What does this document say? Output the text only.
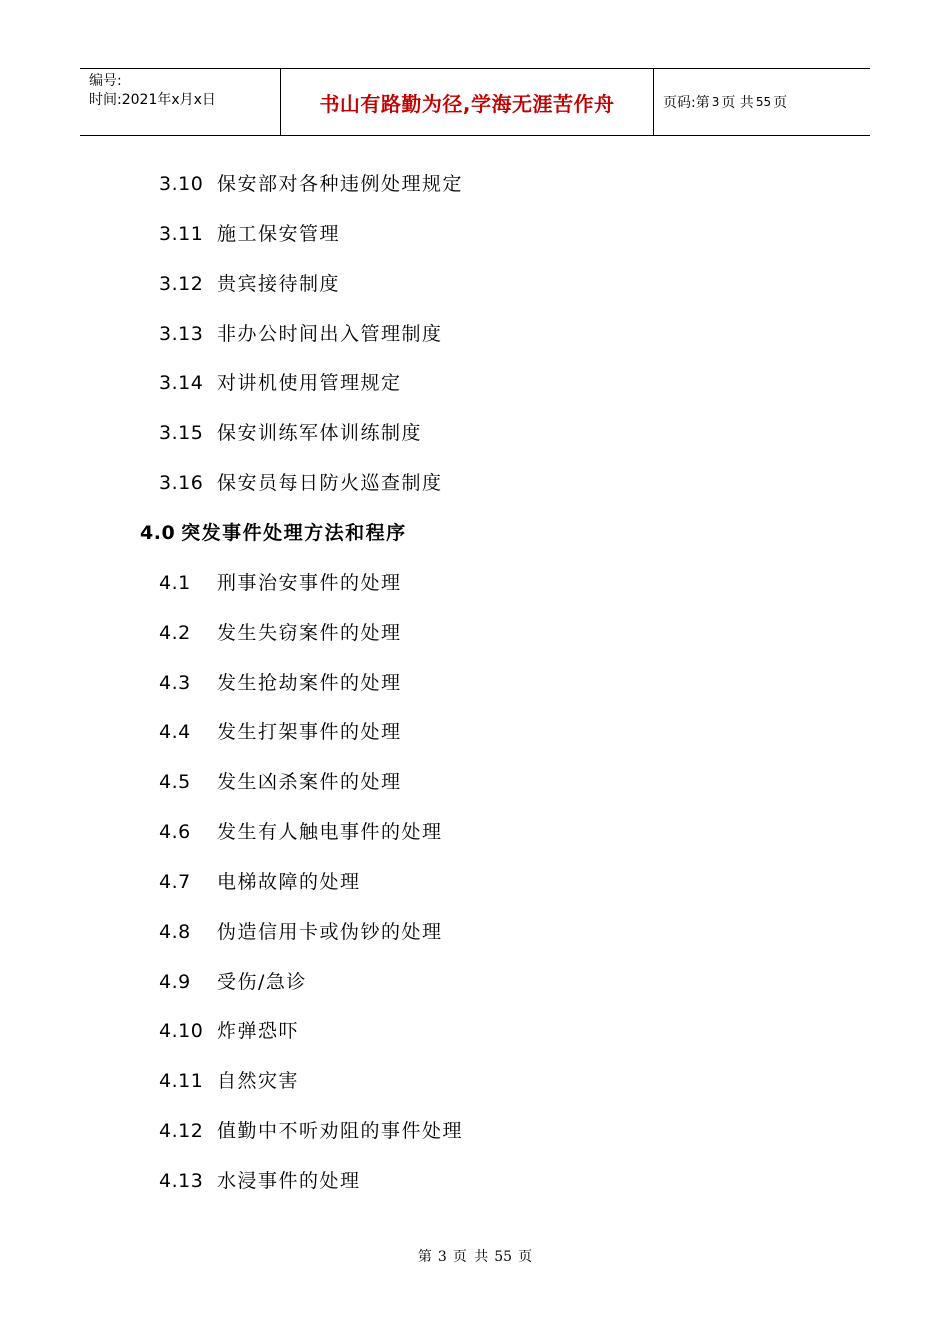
编号:
时间:2021年x月x日	书山有路勤为径,学海无涯苦作舟	页码:第 3 页 共 55 页
3.10 保安部对各种违例处理规定
3.11 施工保安管理
3.12 贵宾接待制度
3.13 非办公时间出入管理制度
3.14 对讲机使用管理规定
3.15 保安训练军体训练制度
3.16 保安员每日防火巡查制度
4.0 突发事件处理方法和程序
4.1 刑事治安事件的处理
4.2 发生失窃案件的处理
4.3 发生抢劫案件的处理
4.4 发生打架事件的处理
4.5 发生凶杀案件的处理
4.6 发生有人触电事件的处理
4.7 电梯故障的处理
4.8 伪造信用卡或伪钞的处理
4.9 受伤/急诊
4.10 炸弹恐吓
4.11 自然灾害
4.12 值勤中不听劝阻的事件处理
4.13 水浸事件的处理
第 3 页 共 55 页
